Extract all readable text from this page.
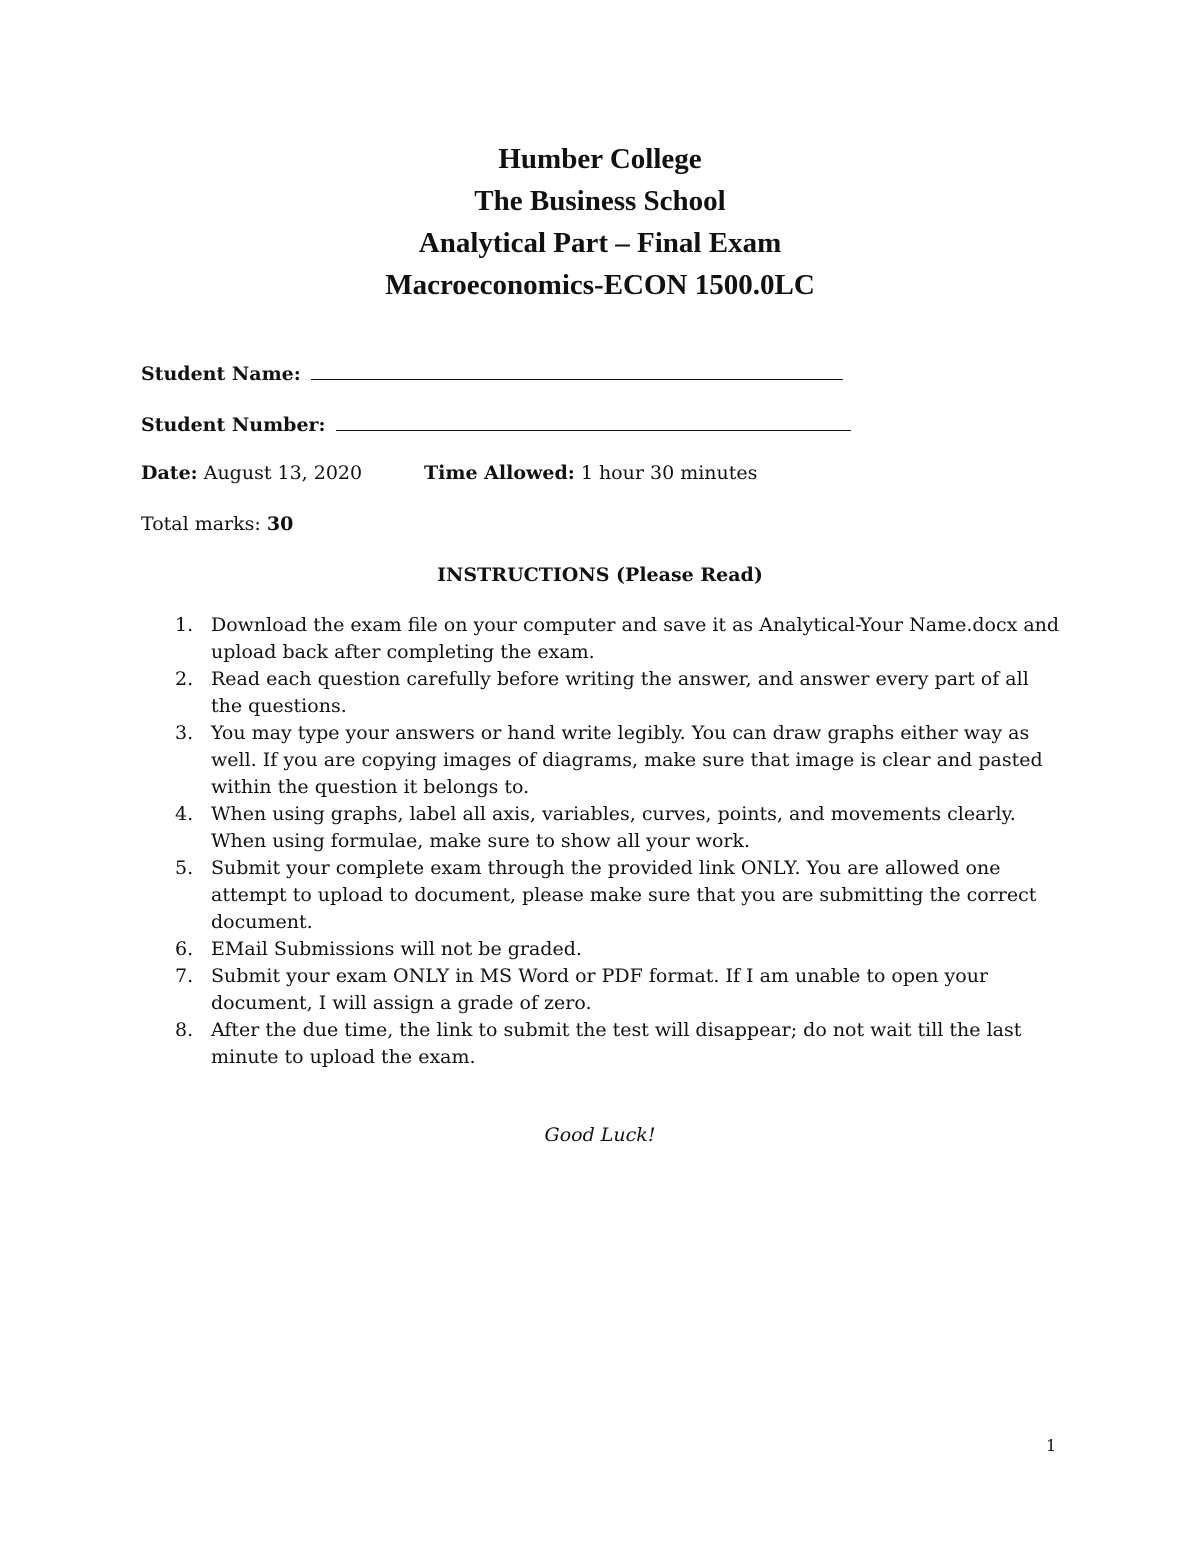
Humber College

The Business School

Analytical Part – Final Exam

Macroeconomics-ECON 1500.0LC

Student Name:
Student Number:
Date: August 13, 2020	Time Allowed: 1 hour 30 minutes
Total marks: 30
INSTRUCTIONS (Please Read)
1. Download the exam file on your computer and save it as Analytical-Your Name.docx and upload back after completing the exam.
2. Read each question carefully before writing the answer, and answer every part of all the questions.
3. You may type your answers or hand write legibly. You can draw graphs either way as well. If you are copying images of diagrams, make sure that image is clear and pasted within the question it belongs to.
4. When using graphs, label all axis, variables, curves, points, and movements clearly. When using formulae, make sure to show all your work.
5. Submit your complete exam through the provided link ONLY. You are allowed one attempt to upload to document, please make sure that you are submitting the correct document.
6. EMail Submissions will not be graded.
7. Submit your exam ONLY in MS Word or PDF format. If I am unable to open your document, I will assign a grade of zero.
8. After the due time, the link to submit the test will disappear; do not wait till the last minute to upload the exam.
Good Luck!
1
